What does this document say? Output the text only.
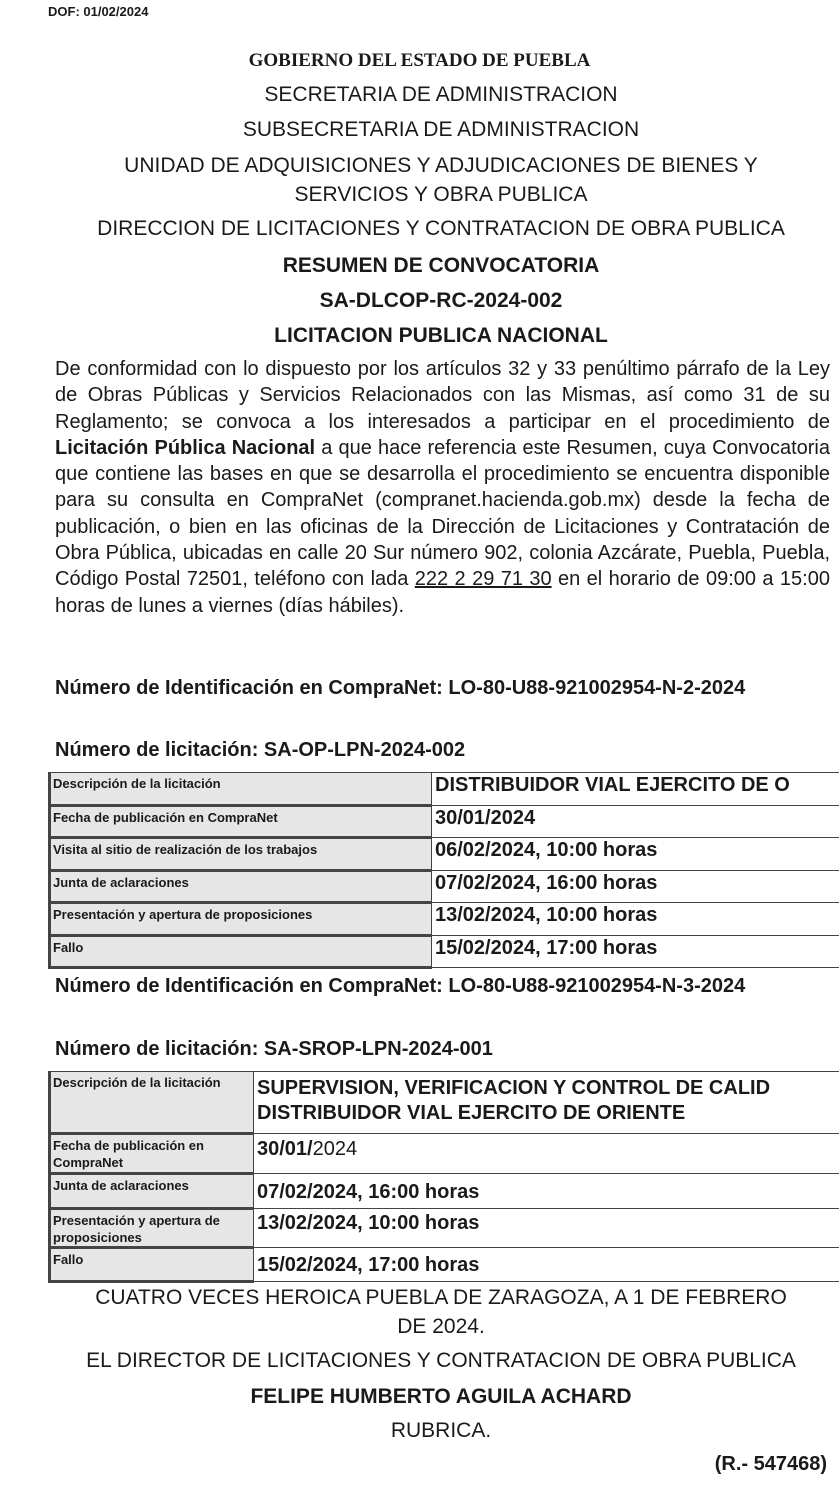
DOF: 01/02/2024
GOBIERNO DEL ESTADO DE PUEBLA
SECRETARIA DE ADMINISTRACION
SUBSECRETARIA DE ADMINISTRACION
UNIDAD DE ADQUISICIONES Y ADJUDICACIONES DE BIENES Y
SERVICIOS Y OBRA PUBLICA
DIRECCION DE LICITACIONES Y CONTRATACION DE OBRA PUBLICA
RESUMEN DE CONVOCATORIA
SA-DLCOP-RC-2024-002
LICITACION PUBLICA NACIONAL
De conformidad con lo dispuesto por los artículos 32 y 33 penúltimo párrafo de la Ley de Obras Públicas y Servicios Relacionados con las Mismas, así como 31 de su Reglamento; se convoca a los interesados a participar en el procedimiento de Licitación Pública Nacional a que hace referencia este Resumen, cuya Convocatoria que contiene las bases en que se desarrolla el procedimiento se encuentra disponible para su consulta en CompraNet (compranet.hacienda.gob.mx) desde la fecha de publicación, o bien en las oficinas de la Dirección de Licitaciones y Contratación de Obra Pública, ubicadas en calle 20 Sur número 902, colonia Azcárate, Puebla, Puebla, Código Postal 72501, teléfono con lada 222 2 29 71 30 en el horario de 09:00 a 15:00 horas de lunes a viernes (días hábiles).
Número de Identificación en CompraNet: LO-80-U88-921002954-N-2-2024
Número de licitación: SA-OP-LPN-2024-002
Descripción de la licitación	DISTRIBUIDOR VIAL EJERCITO DE O
Fecha de publicación en CompraNet	30/01/2024
Visita al sitio de realización de los trabajos	06/02/2024, 10:00 horas
Junta de aclaraciones	07/02/2024, 16:00 horas
Presentación y apertura de proposiciones	13/02/2024, 10:00 horas
Fallo	15/02/2024, 17:00 horas
Número de Identificación en CompraNet: LO-80-U88-921002954-N-3-2024
Número de licitación: SA-SROP-LPN-2024-001
Descripción de la licitación	SUPERVISION, VERIFICACION Y CONTROL DE CALID
DISTRIBUIDOR VIAL EJERCITO DE ORIENTE

Fecha de publicación en CompraNet	30/01/2024
Junta de aclaraciones	07/02/2024, 16:00 horas
Presentación y apertura de proposiciones	13/02/2024, 10:00 horas
Fallo	15/02/2024, 17:00 horas
CUATRO VECES HEROICA PUEBLA DE ZARAGOZA, A 1 DE FEBRERO
DE 2024.
EL DIRECTOR DE LICITACIONES Y CONTRATACION DE OBRA PUBLICA
FELIPE HUMBERTO AGUILA ACHARD
RUBRICA.
(R.- 547468)
